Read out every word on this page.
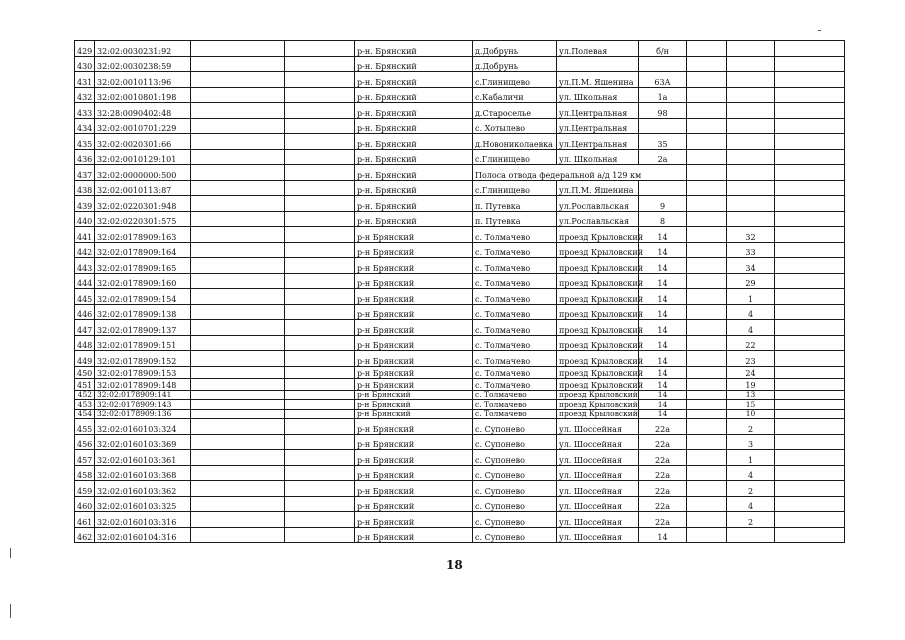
429	32:02:0030231:92			р-н. Брянский	д.Добрунь	ул.Полевая	б/н			
430	32:02:0030238:59			р-н. Брянский	д.Добрунь					
431	32:02:0010113:96			р-н. Брянский	с.Глинищево	ул.П.М. Яшенина	63А			
432	32:02:0010801:198			р-н. Брянский	с.Кабаличи	ул. Школьная	1а			
433	32:28:0090402:48			р-н. Брянский	д.Староселье	ул.Центральная	98			
434	32:02:0010701:229			р-н. Брянский	с. Хотылево	ул.Центральная				
435	32:02:0020301:66			р-н. Брянский	д.Новониколаевка	ул.Центральная	35			
436	32:02:0010129:101			р-н. Брянский	с.Глинищево	ул. Школьная	2а			
437	32:02:0000000:500			р-н. Брянский	Полоса отвода федеральной а/д 129 км					
438	32:02:0010113:87			р-н. Брянский	с.Глинищево	ул.П.М. Яшенина				
439	32:02:0220301:948			р-н. Брянский	п. Путевка	ул.Рославльская	9			
440	32:02:0220301:575			р-н. Брянский	п. Путевка	ул.Рославльская	8			
441	32:02:0178909:163			р-н Брянский	с. Толмачево	проезд Крыловский	14		32	
442	32:02:0178909:164			р-н Брянский	с. Толмачево	проезд Крыловский	14		33	
443	32:02:0178909:165			р-н Брянский	с. Толмачево	проезд Крыловский	14		34	
444	32:02:0178909:160			р-н Брянский	с. Толмачево	проезд Крыловский	14		29	
445	32:02:0178909:154			р-н Брянский	с. Толмачево	проезд Крыловский	14		1	
446	32:02:0178909:138			р-н Брянский	с. Толмачево	проезд Крыловский	14		4	
447	32:02:0178909:137			р-н Брянский	с. Толмачево	проезд Крыловский	14		4	
448	32:02:0178909:151			р-н Брянский	с. Толмачево	проезд Крыловский	14		22	
449	32:02:0178909:152			р-н Брянский	с. Толмачево	проезд Крыловский	14		23	
450	32:02:0178909:153			р-н Брянский	с. Толмачево	проезд Крыловский	14		24	
451	32:02:0178909:148			р-н Брянский	с. Толмачево	проезд Крыловский	14		19	
452	32:02:0178909:141			р-н Брянский	с. Толмачево	проезд Крыловский	14		13	
453	32:02:0178909:143			р-н Брянский	с. Толмачево	проезд Крыловский	14		15	
454	32:02:0178909:136			р-н Брянский	с. Толмачево	проезд Крыловский	14		10	
455	32:02:0160103:324			р-н Брянский	с. Супонево	ул. Шоссейная	22а		2	
456	32:02:0160103:369			р-н Брянский	с. Супонево	ул. Шоссейная	22а		3	
457	32:02:0160103:361			р-н Брянский	с. Супонево	ул. Шоссейная	22а		1	
458	32:02:0160103:368			р-н Брянский	с. Супонево	ул. Шоссейная	22а		4	
459	32:02:0160103:362			р-н Брянский	с. Супонево	ул. Шоссейная	22а		2	
460	32:02:0160103:325			р-н Брянский	с. Супонево	ул. Шоссейная	22а		4	
461	32:02:0160103:316			р-н Брянский	с. Супонево	ул. Шоссейная	22а		2	
462	32:02:0160104:316			р-н Брянский	с. Супонево	ул. Шоссейная	14			
18
